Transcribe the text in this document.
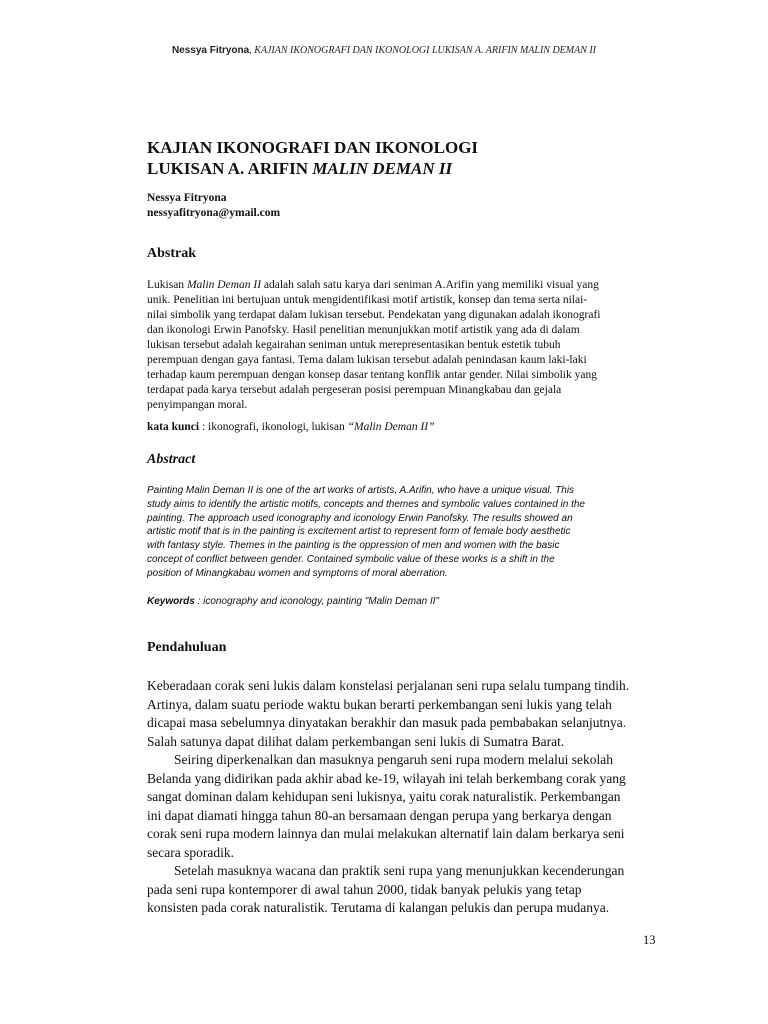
Nessya Fitryona, KAJIAN IKONOGRAFI DAN IKONOLOGI LUKISAN A. ARIFIN MALIN DEMAN II
KAJIAN IKONOGRAFI DAN IKONOLOGI
LUKISAN A. ARIFIN MALIN DEMAN II
Nessya Fitryona
nessyafitryona@ymail.com
Abstrak
Lukisan Malin Deman II adalah salah satu karya dari seniman A.Arifin yang memiliki visual yang
unik. Penelitian ini bertujuan untuk mengidentifikasi motif artistik, konsep dan tema serta nilai-
nilai simbolik yang terdapat dalam lukisan tersebut. Pendekatan yang digunakan adalah ikonografi
dan ikonologi Erwin Panofsky. Hasil penelitian menunjukkan motif artistik yang ada di dalam
lukisan tersebut adalah kegairahan seniman untuk merepresentasikan bentuk estetik tubuh
perempuan dengan gaya fantasi. Tema dalam lukisan tersebut adalah penindasan kaum laki-laki
terhadap kaum perempuan dengan konsep dasar tentang konflik antar gender. Nilai simbolik yang
terdapat pada karya tersebut adalah pergeseran posisi perempuan Minangkabau dan gejala
penyimpangan moral.
kata kunci : ikonografi, ikonologi, lukisan “Malin Deman II”
Abstract
Painting Malin Deman II is one of the art works of artists, A.Arifin, who have a unique visual. This
study aims to identify the artistic motifs, concepts and themes and symbolic values contained in the
painting. The approach used iconography and iconology Erwin Panofsky. The results showed an
artistic motif that is in the painting is excitement artist to represent form of female body aesthetic
with fantasy style. Themes in the painting is the oppression of men and women with the basic
concept of conflict between gender. Contained symbolic value of these works is a shift in the
position of Minangkabau women and symptoms of moral aberration.
Keywords : iconography and iconology, painting "Malin Deman II"
Pendahuluan
Keberadaan corak seni lukis dalam konstelasi perjalanan seni rupa selalu tumpang tindih.
Artinya, dalam suatu periode waktu bukan berarti perkembangan seni lukis yang telah
dicapai masa sebelumnya dinyatakan berakhir dan masuk pada pembabakan selanjutnya.
Salah satunya dapat dilihat dalam perkembangan seni lukis di Sumatra Barat.
Seiring diperkenalkan dan masuknya pengaruh seni rupa modern melalui sekolah
Belanda yang didirikan pada akhir abad ke-19, wilayah ini telah berkembang corak yang
sangat dominan dalam kehidupan seni lukisnya, yaitu corak naturalistik. Perkembangan
ini dapat diamati hingga tahun 80-an bersamaan dengan perupa yang berkarya dengan
corak seni rupa modern lainnya dan mulai melakukan alternatif lain dalam berkarya seni
secara sporadik.
Setelah masuknya wacana dan praktik seni rupa yang menunjukkan kecenderungan
pada seni rupa kontemporer di awal tahun 2000, tidak banyak pelukis yang tetap
konsisten pada corak naturalistik. Terutama di kalangan pelukis dan perupa mudanya.
13
